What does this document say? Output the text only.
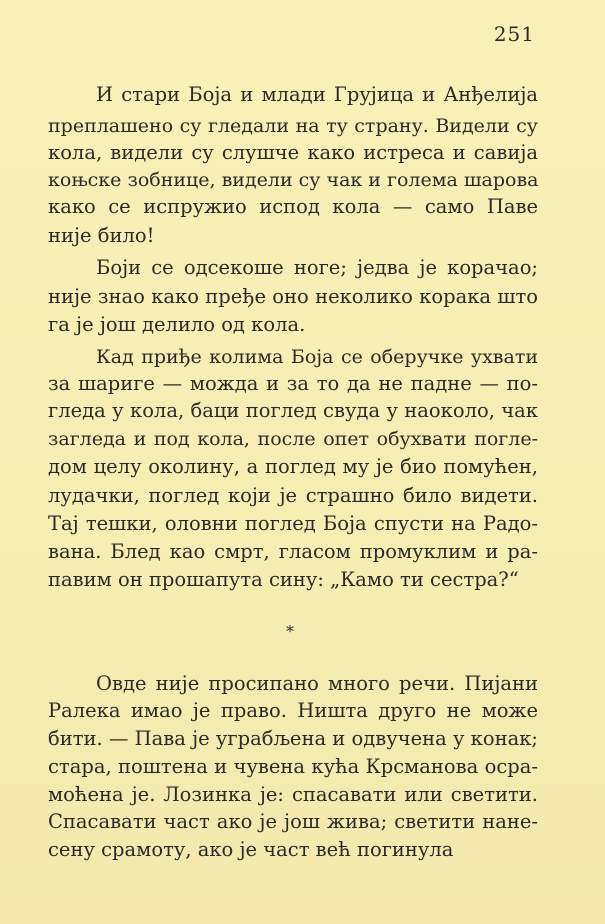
251
И стари Боја и млади Грујица и Анђелија
преплашено су гледали на ту страну. Видели су
кола, видели су слушче како истреса и савија
коњске зобнице, видели су чак и голема шарова
како се испружио испод кола — само Паве
није било!
Боји се одсекоше ноге; једва је корачао;
није знао како пређе оно неколико корака што
га је још делило од кола.
Кад приђе колима Боја се оберучке ухвати
за шариге — можда и за то да не падне — по-
гледа у кола, баци поглед свуда у наоколо, чак
загледа и под кола, после опет обухвати погле-
дом целу околину, а поглед му је био помућен,
лудачки, поглед који је страшно било видети.
Тај тешки, оловни поглед Боја спусти на Радо-
вана. Блед као смрт, гласом промуклим и ра-
павим он прошапута сину: „Камо ти сестра?“
*
Овде није просипано много речи. Пијани
Ралека имао је право. Ништа друго не може
бити. — Пава је уграбљена и одвучена у конак;
стара, поштена и чувена кућа Крсманова осра-
моћена је. Лозинка је: спасавати или светити.
Спасавати част ако је још жива; светити нане-
сену срамоту, ако је част већ погинула
